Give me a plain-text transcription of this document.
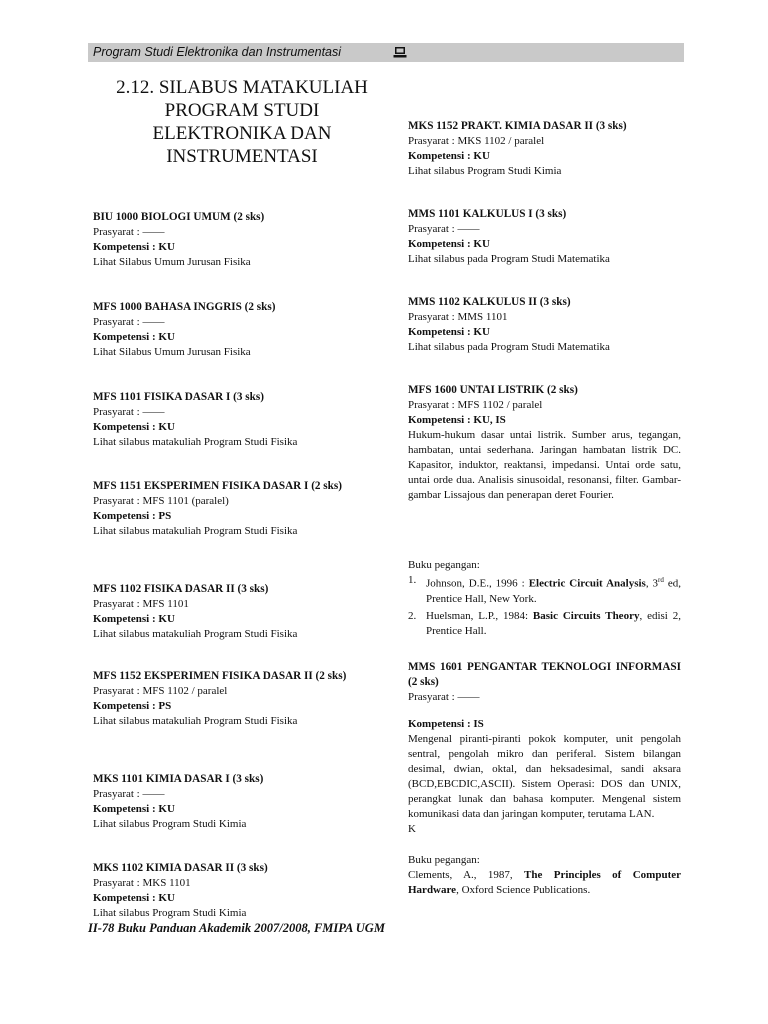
Program Studi Elektronika dan Instrumentasi
2.12. SILABUS MATAKULIAH
PROGRAM STUDI
ELEKTRONIKA DAN
INSTRUMENTASI
BIU 1000 BIOLOGI UMUM (2 sks)
Prasyarat : ——
Kompetensi : KU
Lihat Silabus Umum Jurusan Fisika
MFS 1000 BAHASA INGGRIS (2 sks)
Prasyarat : ——
Kompetensi : KU
Lihat Silabus Umum Jurusan Fisika
MFS 1101 FISIKA DASAR I (3 sks)
Prasyarat : ——
Kompetensi : KU
Lihat silabus matakuliah Program Studi Fisika
MFS 1151 EKSPERIMEN FISIKA DASAR I (2 sks)
Prasyarat : MFS 1101 (paralel)
Kompetensi : PS
Lihat silabus matakuliah Program Studi Fisika
MFS 1102 FISIKA DASAR II (3 sks)
Prasyarat : MFS 1101
Kompetensi : KU
Lihat silabus matakuliah Program Studi Fisika
MFS 1152 EKSPERIMEN FISIKA DASAR II (2 sks)
Prasyarat : MFS 1102 / paralel
Kompetensi : PS
Lihat silabus matakuliah Program Studi Fisika
MKS 1101 KIMIA DASAR I (3 sks)
Prasyarat : ——
Kompetensi : KU
Lihat silabus Program Studi Kimia
MKS 1102 KIMIA DASAR II (3 sks)
Prasyarat : MKS 1101
Kompetensi : KU
Lihat silabus Program Studi Kimia
MKS 1152 PRAKT. KIMIA DASAR II (3 sks)
Prasyarat : MKS 1102 / paralel
Kompetensi : KU
Lihat silabus Program Studi Kimia
MMS 1101 KALKULUS I (3 sks)
Prasyarat : ——
Kompetensi : KU
Lihat silabus pada Program Studi Matematika
MMS 1102 KALKULUS II (3 sks)
Prasyarat : MMS 1101
Kompetensi : KU
Lihat silabus pada Program Studi Matematika
MFS 1600 UNTAI LISTRIK (2 sks)
Prasyarat : MFS 1102 / paralel
Kompetensi : KU, IS
Hukum-hukum dasar untai listrik. Sumber arus, tegangan, hambatan, untai sederhana. Jaringan hambatan listrik DC. Kapasitor, induktor, reaktansi, impedansi. Untai orde satu, untai orde dua. Analisis sinusoidal, resonansi, filter. Gambar-gambar Lissajous dan penerapan deret Fourier.
Buku pegangan:
1. Johnson, D.E., 1996 : Electric Circuit Analysis, 3rd ed, Prentice Hall, New York.
2. Huelsman, L.P., 1984: Basic Circuits Theory, edisi 2, Prentice Hall.
MMS 1601 PENGANTAR TEKNOLOGI INFORMASI (2 sks)
Prasyarat : ——
Kompetensi : IS
Mengenal piranti-piranti pokok komputer, unit pengolah sentral, pengolah mikro dan periferal. Sistem bilangan desimal, dwian, oktal, dan heksadesimal, sandi aksara (BCD,EBCDIC,ASCII). Sistem Operasi: DOS dan UNIX, perangkat lunak dan bahasa komputer. Mengenal sistem komunikasi data dan jaringan komputer, terutama LAN.
K
Buku pegangan:
Clements, A., 1987, The Principles of Computer Hardware, Oxford Science Publications.
II-78 Buku Panduan Akademik 2007/2008, FMIPA UGM
